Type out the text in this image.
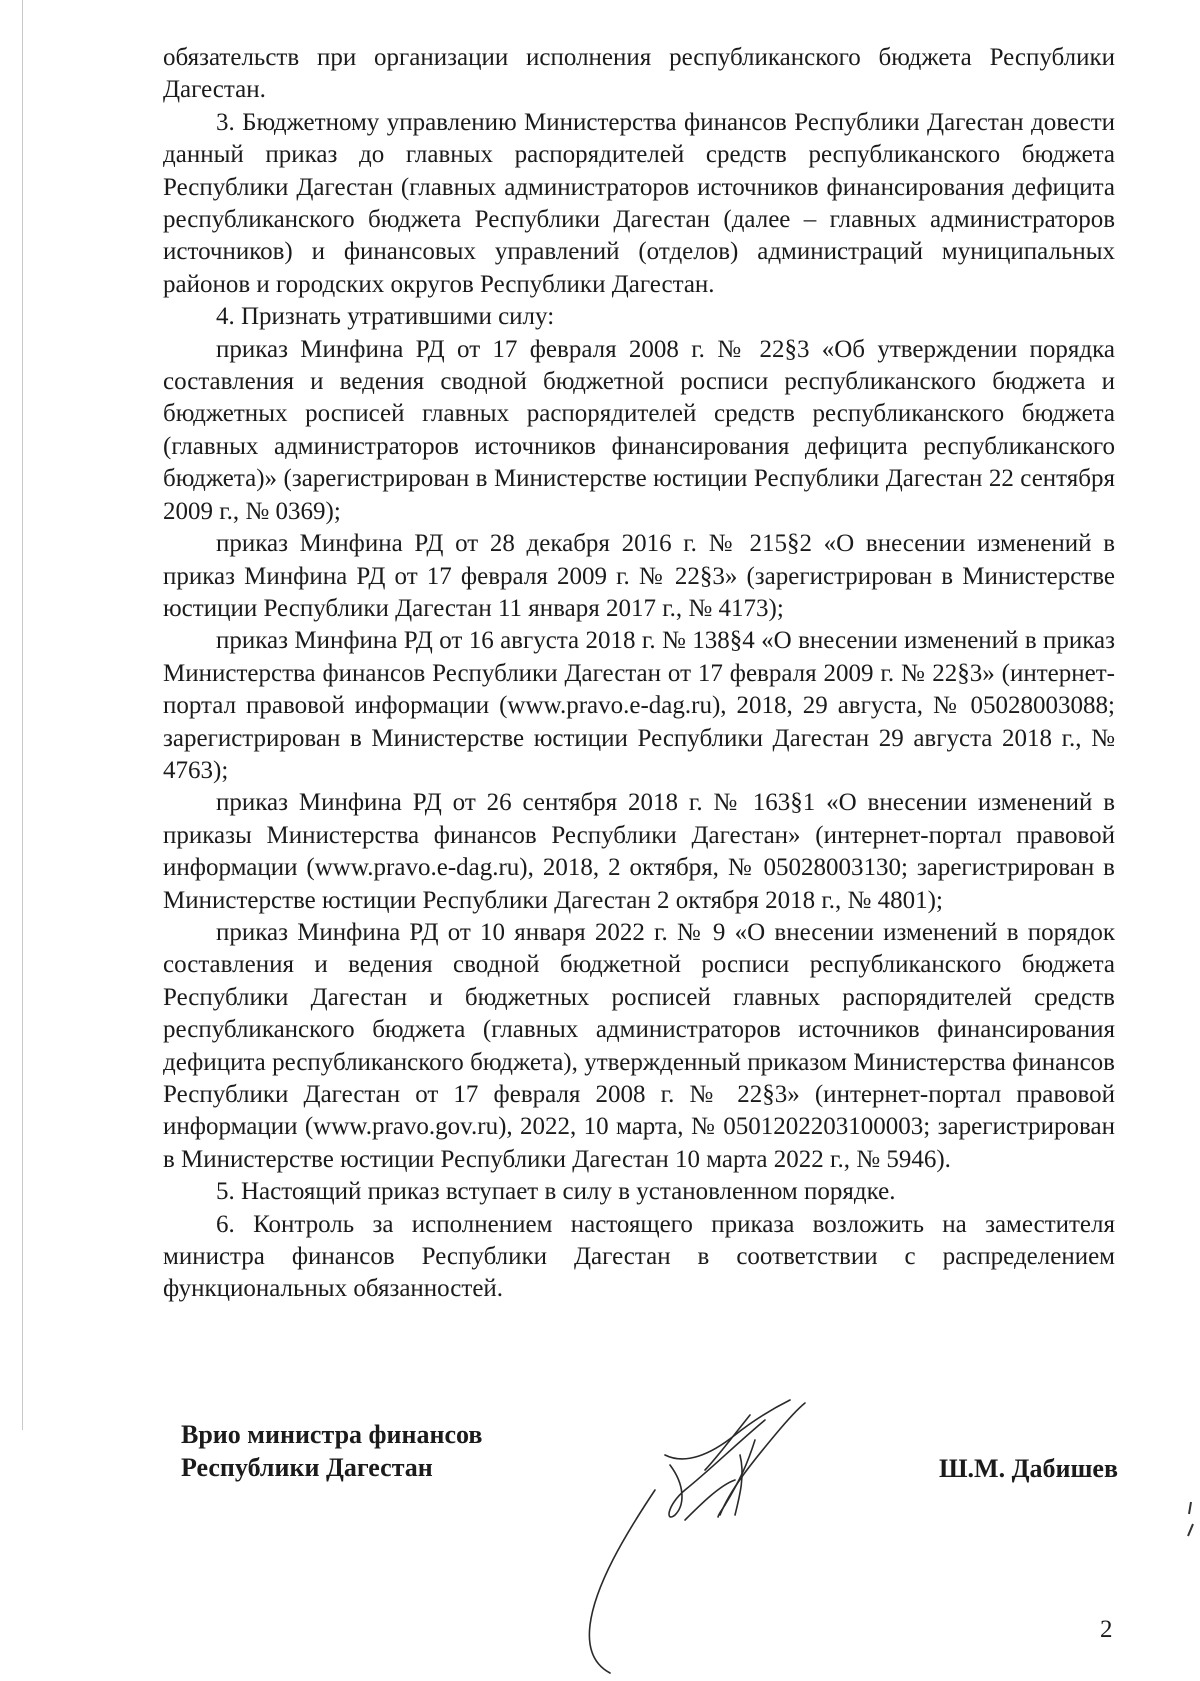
обязательств при организации исполнения республиканского бюджета Республики Дагестан.

3. Бюджетному управлению Министерства финансов Республики Дагестан довести данный приказ до главных распорядителей средств республиканского бюджета Республики Дагестан (главных администраторов источников финансирования дефицита республиканского бюджета Республики Дагестан (далее – главных администраторов источников) и финансовых управлений (отделов) администраций муниципальных районов и городских округов Республики Дагестан.

4. Признать утратившими силу:

приказ Минфина РД от 17 февраля 2008 г. № 22§3 «Об утверждении порядка составления и ведения сводной бюджетной росписи республиканского бюджета и бюджетных росписей главных распорядителей средств республиканского бюджета (главных администраторов источников финансирования дефицита республиканского бюджета)» (зарегистрирован в Министерстве юстиции Республики Дагестан 22 сентября 2009 г., № 0369);

приказ Минфина РД от 28 декабря 2016 г. № 215§2 «О внесении изменений в приказ Минфина РД от 17 февраля 2009 г. № 22§3» (зарегистрирован в Министерстве юстиции Республики Дагестан 11 января 2017 г., № 4173);

приказ Минфина РД от 16 августа 2018 г. № 138§4 «О внесении изменений в приказ Министерства финансов Республики Дагестан от 17 февраля 2009 г. № 22§3» (интернет-портал правовой информации (www.pravo.e-dag.ru), 2018, 29 августа, № 05028003088; зарегистрирован в Министерстве юстиции Республики Дагестан 29 августа 2018 г., № 4763);

приказ Минфина РД от 26 сентября 2018 г. № 163§1 «О внесении изменений в приказы Министерства финансов Республики Дагестан» (интернет-портал правовой информации (www.pravo.e-dag.ru), 2018, 2 октября, № 05028003130; зарегистрирован в Министерстве юстиции Республики Дагестан 2 октября 2018 г., № 4801);

приказ Минфина РД от 10 января 2022 г. № 9 «О внесении изменений в порядок составления и ведения сводной бюджетной росписи республиканского бюджета Республики Дагестан и бюджетных росписей главных распорядителей средств республиканского бюджета (главных администраторов источников финансирования дефицита республиканского бюджета), утвержденный приказом Министерства финансов Республики Дагестан от 17 февраля 2008 г. № 22§3» (интернет-портал правовой информации (www.pravo.gov.ru), 2022, 10 марта, № 0501202203100003; зарегистрирован в Министерстве юстиции Республики Дагестан 10 марта 2022 г., № 5946).

5. Настоящий приказ вступает в силу в установленном порядке.

6. Контроль за исполнением настоящего приказа возложить на заместителя министра финансов Республики Дагестан в соответствии с распределением функциональных обязанностей.

Врио министра финансов
Республики Дагестан	Ш.М. Дабишев
2
